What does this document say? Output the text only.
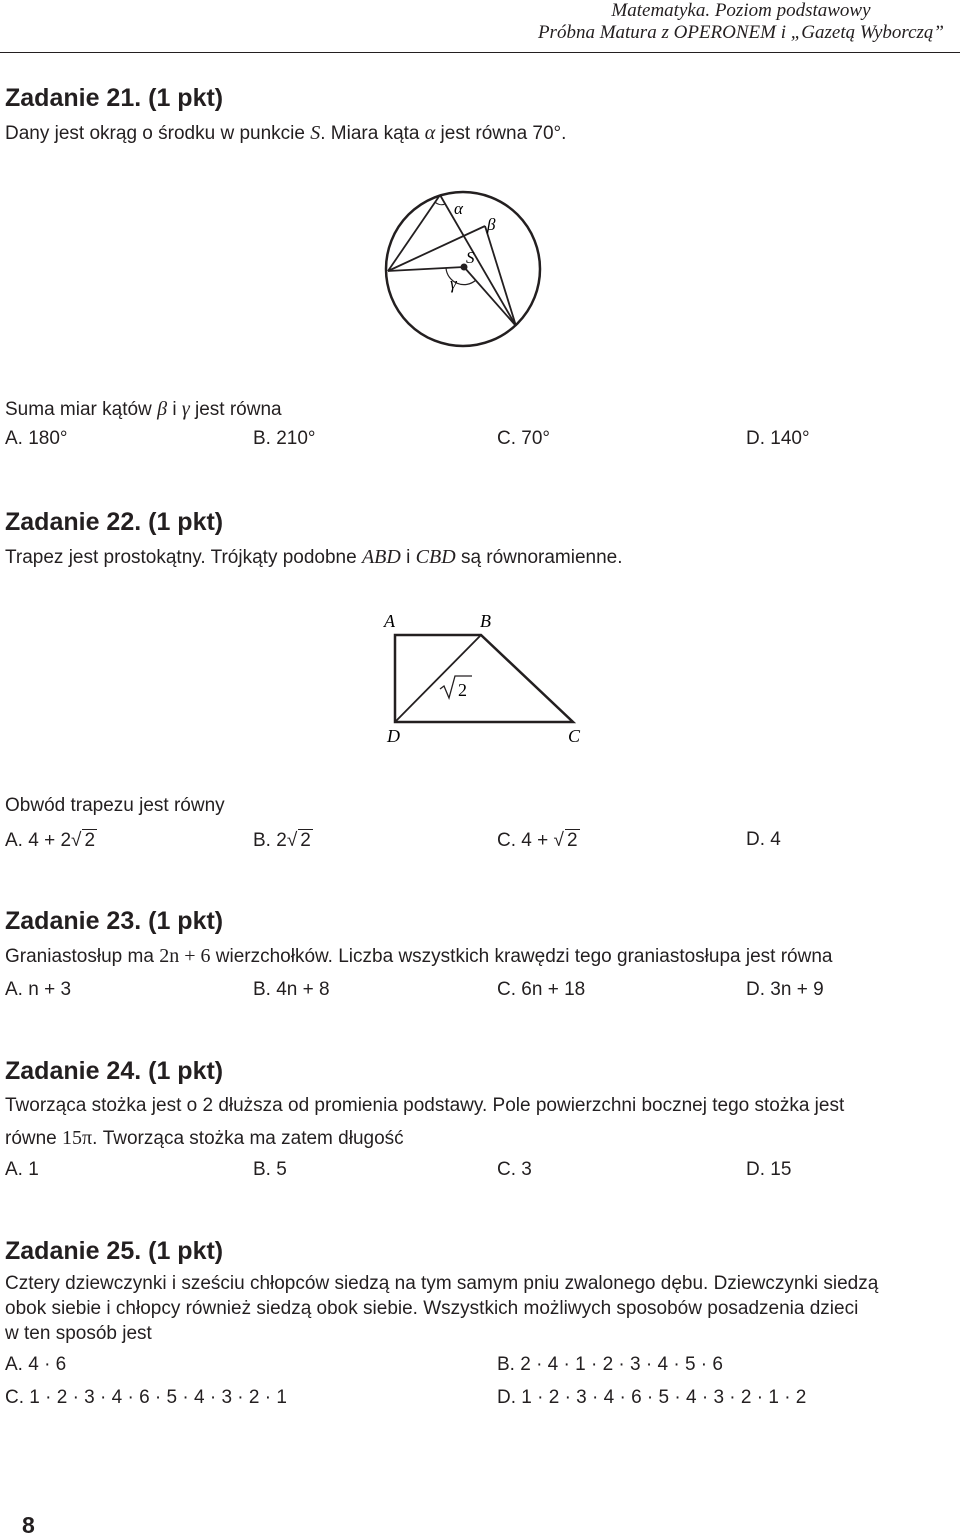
Matematyka. Poziom podstawowy
Próbna Matura z OPERONEM i „Gazetą Wyborczą”
Zadanie 21. (1 pkt)
Dany jest okrąg o środku w punkcie S. Miara kąta α jest równa 70°.
α
β
S
γ
Suma miar kątów β i γ jest równa
A. 180°	B. 210°	C. 70°	D. 140°
Zadanie 22. (1 pkt)
Trapez jest prostokątny. Trójkąty podobne ABD i CBD są równoramienne.
A	B
D	C
2
Obwód trapezu jest równy
A. 4 + 2√ 2	B. 2√ 2	C. 4 + √ 2	D. 4
Zadanie 23. (1 pkt)
Graniastosłup ma 2n + 6 wierzchołków. Liczba wszystkich krawędzi tego graniastosłupa jest równa
A. n + 3	B. 4n + 8	C. 6n + 18	D. 3n + 9
Zadanie 24. (1 pkt)
Tworząca stożka jest o 2 dłuższa od promienia podstawy. Pole powierzchni bocznej tego stożka jest
równe 15π. Tworząca stożka ma zatem długość
A. 1	B. 5	C. 3	D. 15
Zadanie 25. (1 pkt)
Cztery dziewczynki i sześciu chłopców siedzą na tym samym pniu zwalonego dębu. Dziewczynki siedzą
obok siebie i chłopcy również siedzą obok siebie. Wszystkich możliwych sposobów posadzenia dzieci
w ten sposób jest
A. 4 · 6	B. 2 · 4 · 1 · 2 · 3 · 4 · 5 · 6
C. 1 · 2 · 3 · 4 · 6 · 5 · 4 · 3 · 2 · 1	D. 1 · 2 · 3 · 4 · 6 · 5 · 4 · 3 · 2 · 1 · 2
8
